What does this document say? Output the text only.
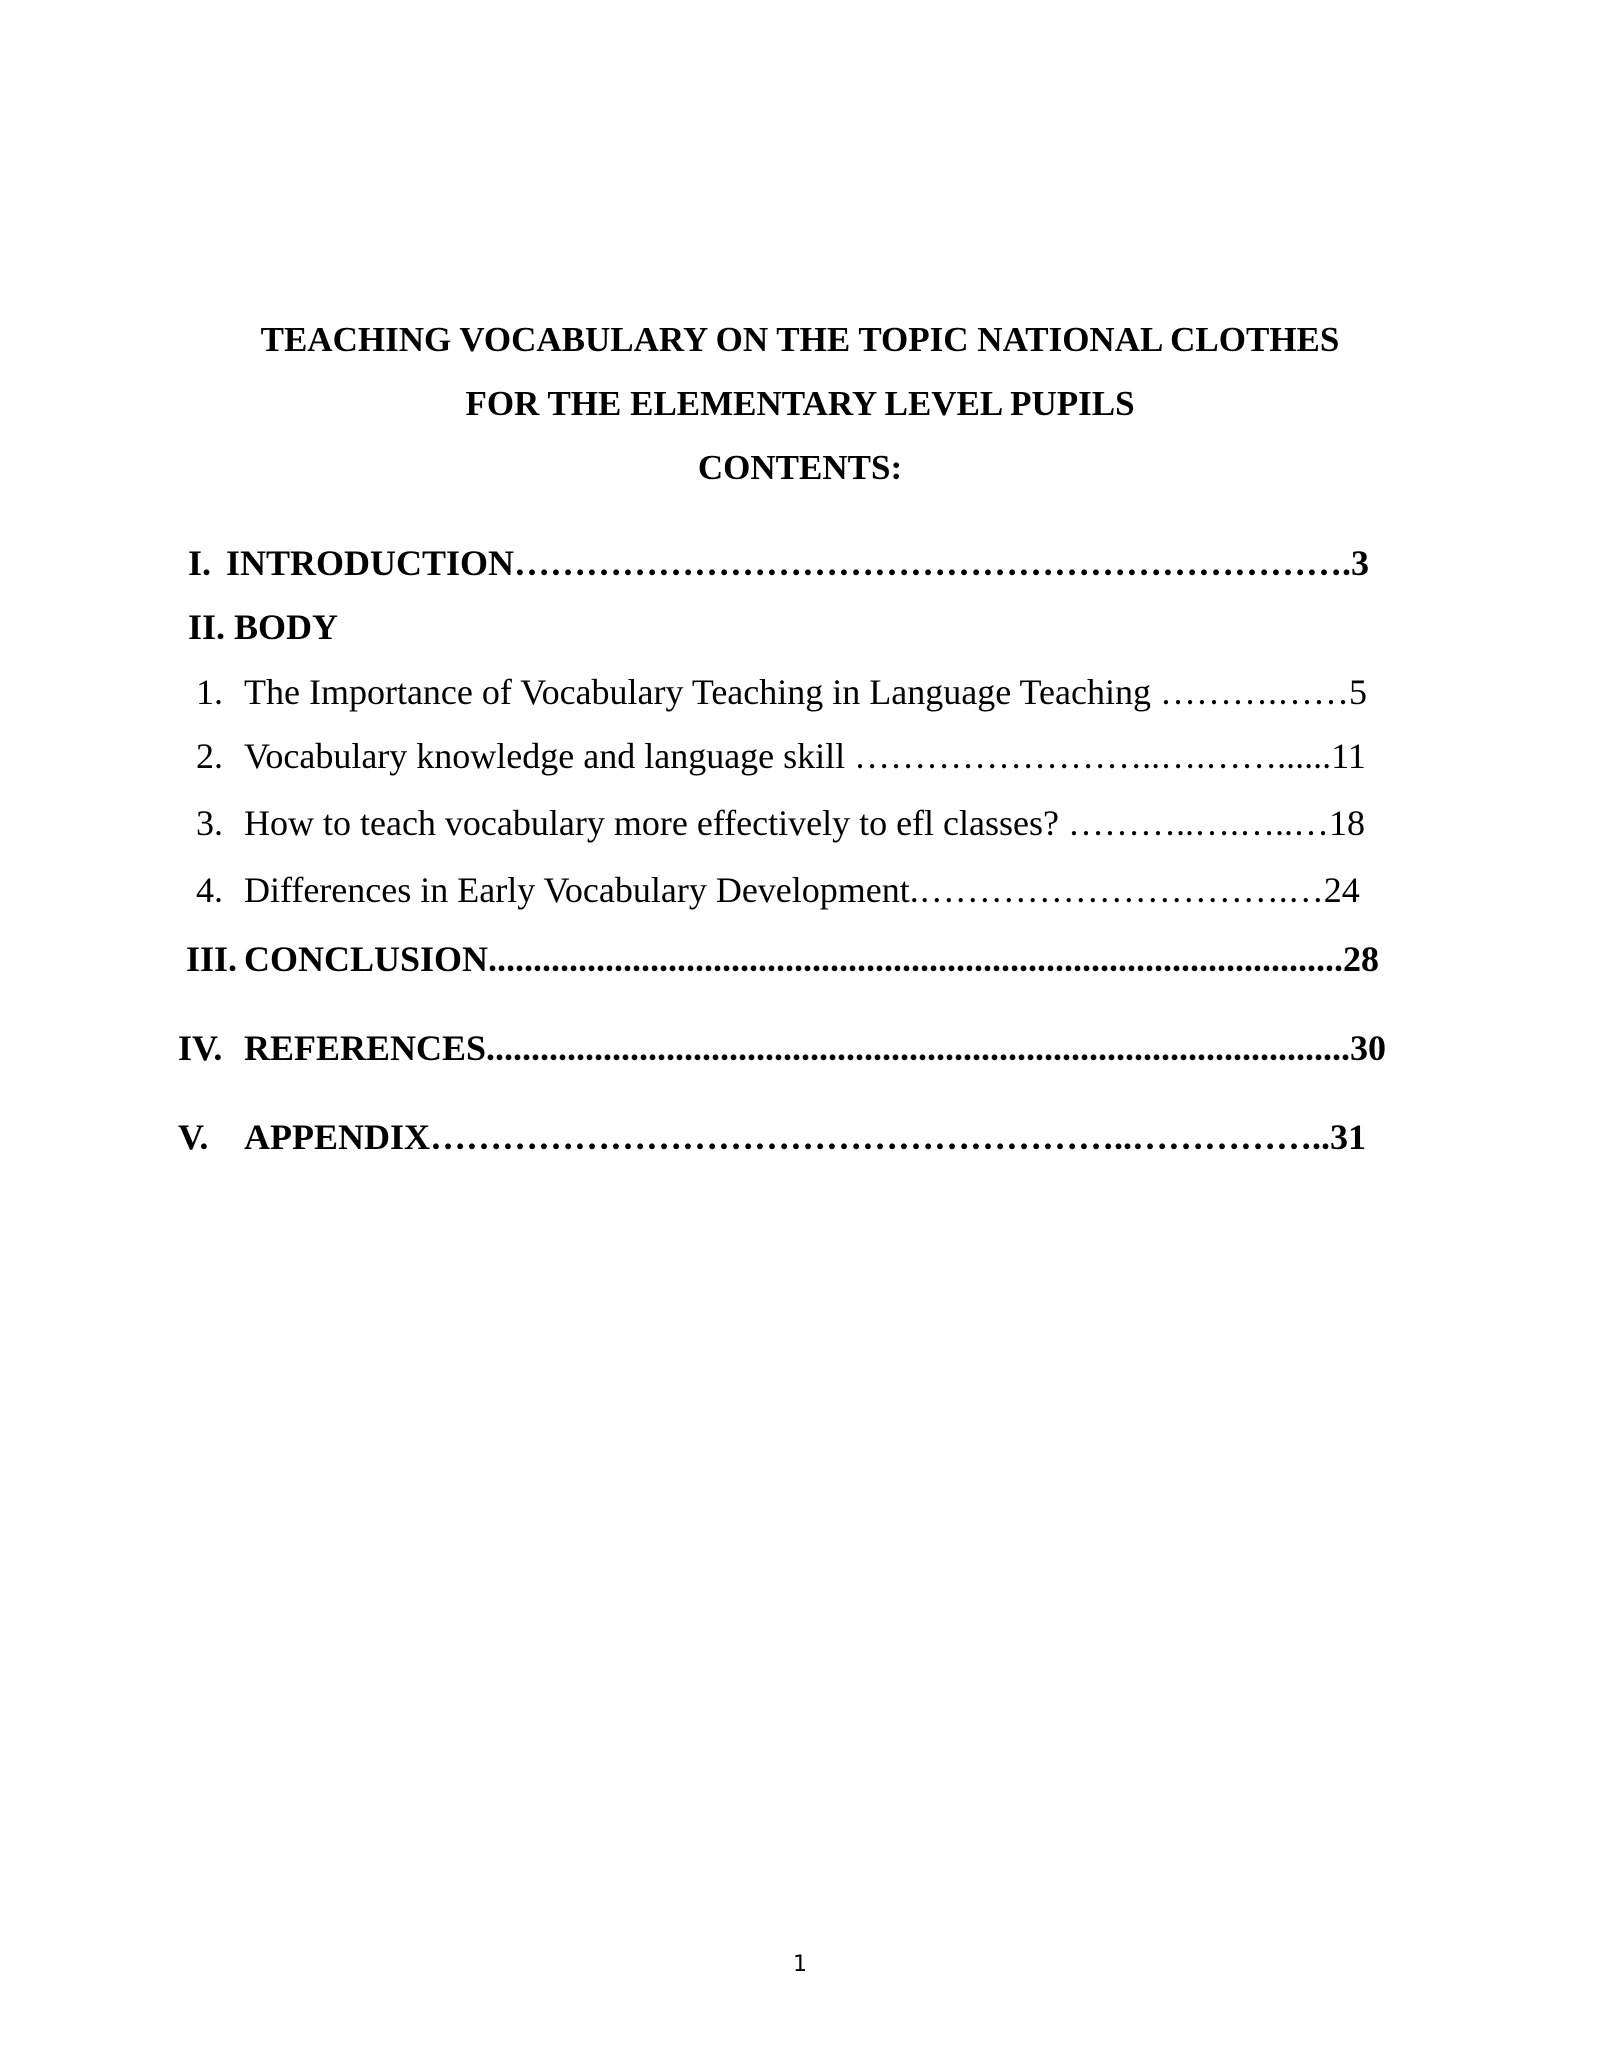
TEACHING VOCABULARY ON THE TOPIC NATIONAL CLOTHES
FOR THE ELEMENTARY LEVEL PUPILS
CONTENTS:
I. INTRODUCTION…………………………………………………………….3
II. BODY
1. The Importance of Vocabulary Teaching in Language Teaching ……….……5
2. Vocabulary knowledge and language skill ……………………..….……......11
3. How to teach vocabulary more effectively to efl classes? ………..….…..…18
4. Differences in Early Vocabulary Development.………………………….…24
III. CONCLUSION...............................................................................................28
IV. REFERENCES................................................................................................30
V. APPENDIX…………………………………………………..……………..31
1
